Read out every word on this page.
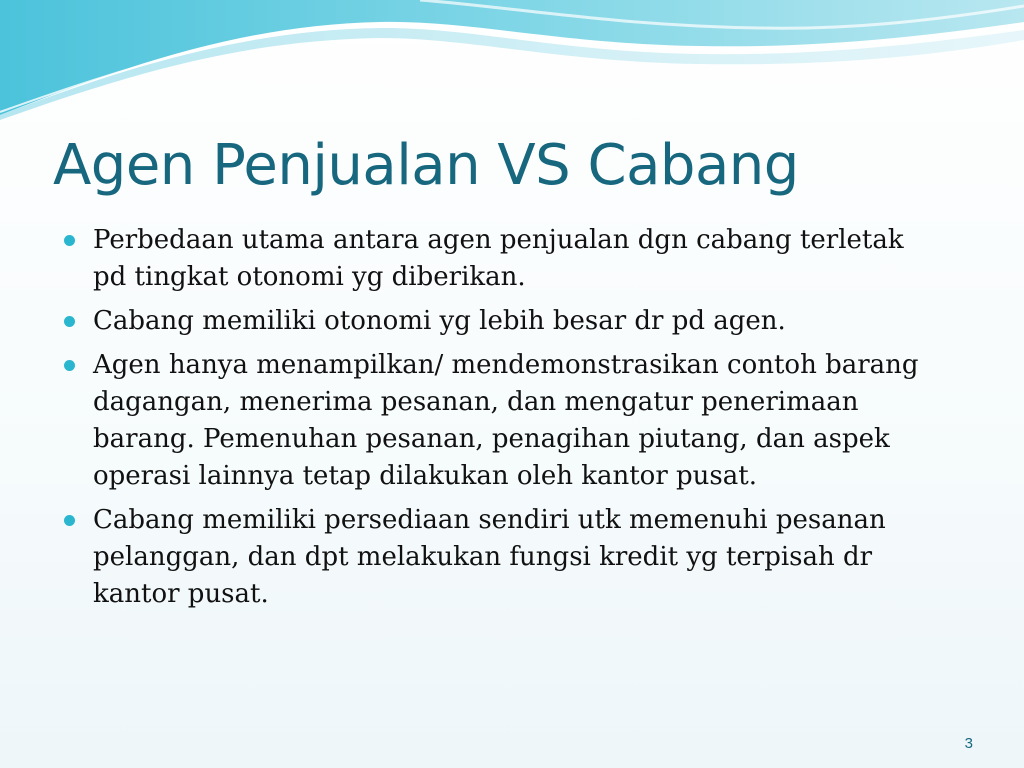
Agen Penjualan VS Cabang
Perbedaan utama antara agen penjualan dgn cabang terletak pd tingkat otonomi yg diberikan.
Cabang memiliki otonomi yg lebih besar dr pd agen.
Agen hanya menampilkan/ mendemonstrasikan contoh barang dagangan, menerima pesanan, dan mengatur penerimaan barang. Pemenuhan pesanan, penagihan piutang, dan aspek operasi lainnya tetap dilakukan oleh kantor pusat.
Cabang memiliki persediaan sendiri utk memenuhi pesanan pelanggan, dan dpt melakukan fungsi kredit yg terpisah dr kantor pusat.
3
